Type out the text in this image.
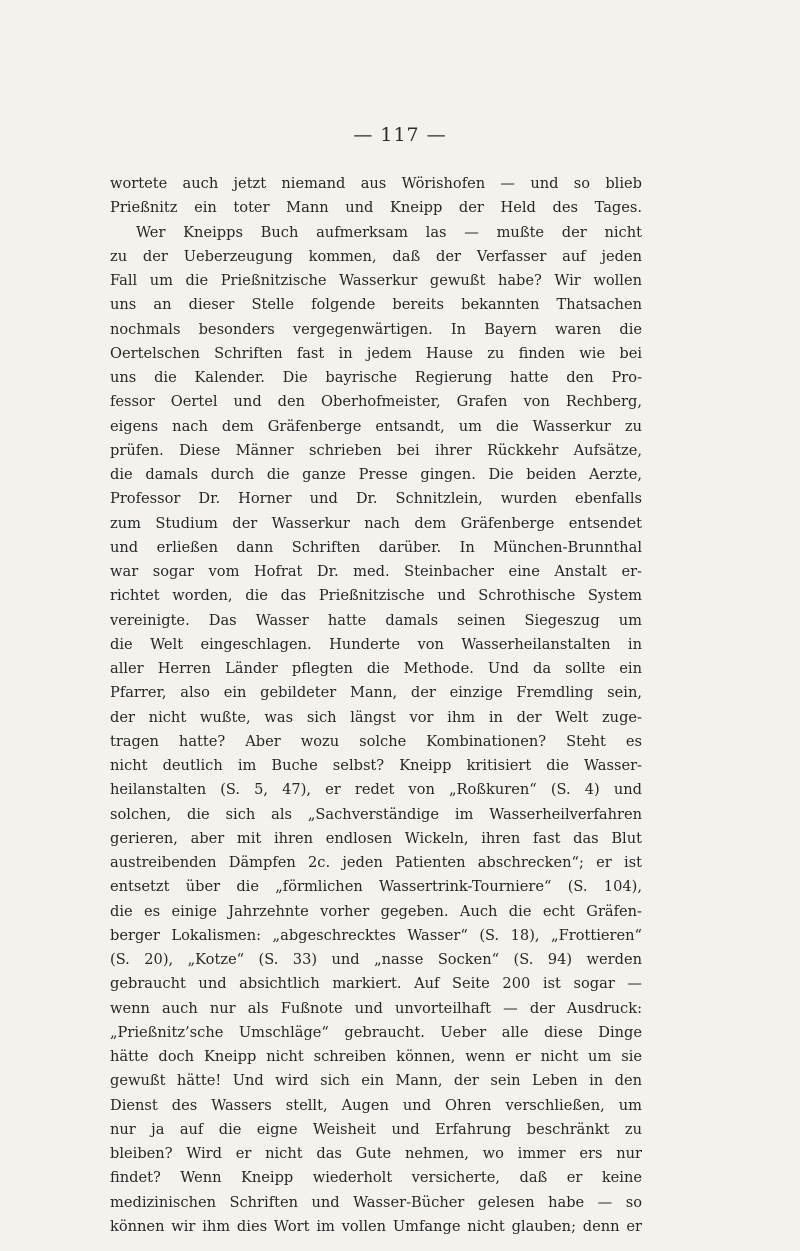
— 117 —
wortete auch jetzt niemand aus Wörishofen — und so blieb
Prießnitz ein toter Mann und Kneipp der Held des Tages.
Wer Kneipps Buch aufmerksam las — mußte der nicht
zu der Ueberzeugung kommen, daß der Verfasser auf jeden
Fall um die Prießnitzische Wasserkur gewußt habe? Wir wollen
uns an dieser Stelle folgende bereits bekannten Thatsachen
nochmals besonders vergegenwärtigen. In Bayern waren die
Oertelschen Schriften fast in jedem Hause zu finden wie bei
uns die Kalender. Die bayrische Regierung hatte den Pro-
fessor Oertel und den Oberhofmeister, Grafen von Rechberg,
eigens nach dem Gräfenberge entsandt, um die Wasserkur zu
prüfen. Diese Männer schrieben bei ihrer Rückkehr Aufsätze,
die damals durch die ganze Presse gingen. Die beiden Aerzte,
Professor Dr. Horner und Dr. Schnitzlein, wurden ebenfalls
zum Studium der Wasserkur nach dem Gräfenberge entsendet
und erließen dann Schriften darüber. In München-Brunnthal
war sogar vom Hofrat Dr. med. Steinbacher eine Anstalt er-
richtet worden, die das Prießnitzische und Schrothische System
vereinigte. Das Wasser hatte damals seinen Siegeszug um
die Welt eingeschlagen. Hunderte von Wasserheilanstalten in
aller Herren Länder pflegten die Methode. Und da sollte ein
Pfarrer, also ein gebildeter Mann, der einzige Fremdling sein,
der nicht wußte, was sich längst vor ihm in der Welt zuge-
tragen hatte? Aber wozu solche Kombinationen? Steht es
nicht deutlich im Buche selbst? Kneipp kritisiert die Wasser-
heilanstalten (S. 5, 47), er redet von „Roßkuren“ (S. 4) und
solchen, die sich als „Sachverständige im Wasserheilverfahren
gerieren, aber mit ihren endlosen Wickeln, ihren fast das Blut
austreibenden Dämpfen 2c. jeden Patienten abschrecken“; er ist
entsetzt über die „förmlichen Wassertrink-Tourniere“ (S. 104),
die es einige Jahrzehnte vorher gegeben. Auch die echt Gräfen-
berger Lokalismen: „abgeschrecktes Wasser“ (S. 18), „Frottieren“
(S. 20), „Kotze“ (S. 33) und „nasse Socken“ (S. 94) werden
gebraucht und absichtlich markiert. Auf Seite 200 ist sogar —
wenn auch nur als Fußnote und unvorteilhaft — der Ausdruck:
„Prießnitz’sche Umschläge“ gebraucht. Ueber alle diese Dinge
hätte doch Kneipp nicht schreiben können, wenn er nicht um sie
gewußt hätte! Und wird sich ein Mann, der sein Leben in den
Dienst des Wassers stellt, Augen und Ohren verschließen, um
nur ja auf die eigne Weisheit und Erfahrung beschränkt zu
bleiben? Wird er nicht das Gute nehmen, wo immer ers nur
findet? Wenn Kneipp wiederholt versicherte, daß er keine
medizinischen Schriften und Wasser-Bücher gelesen habe — so
können wir ihm dies Wort im vollen Umfange nicht glauben; denn er
